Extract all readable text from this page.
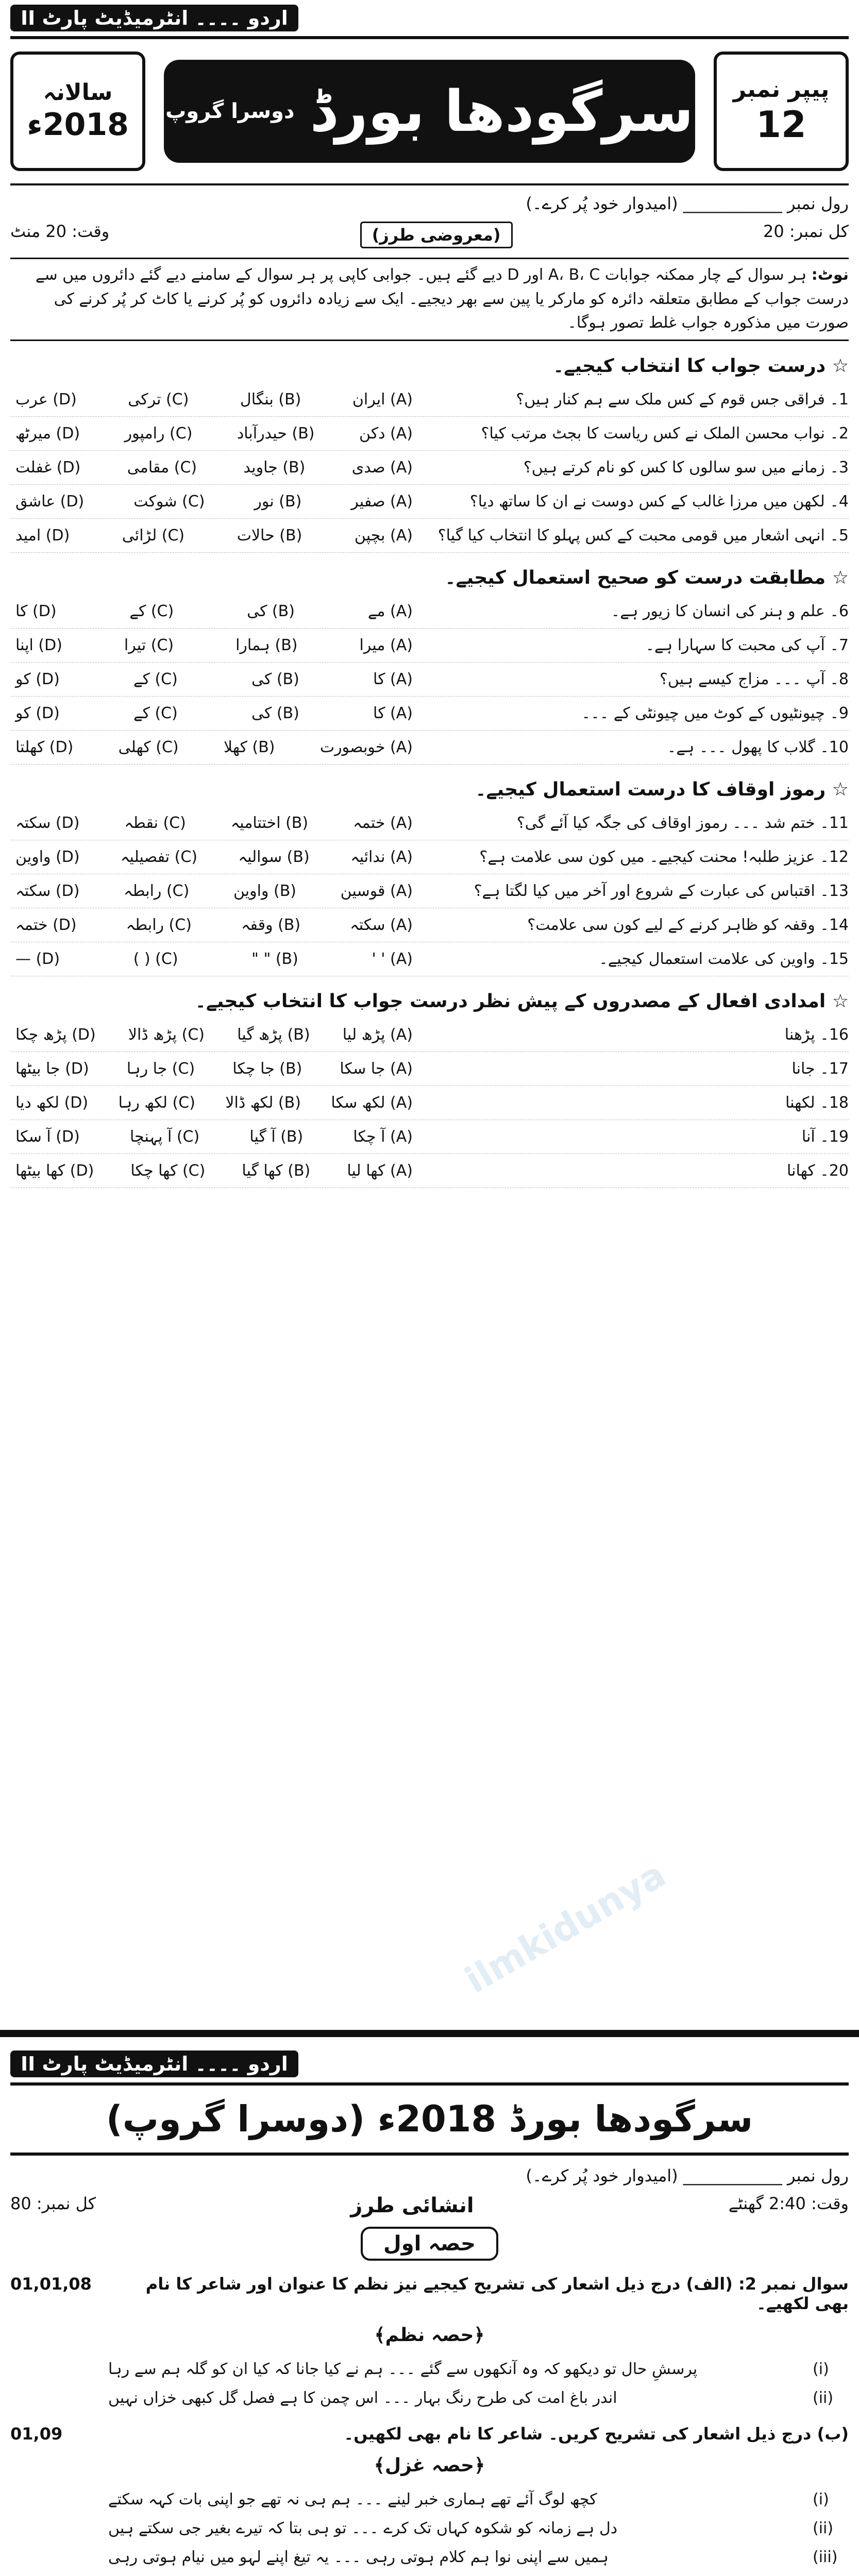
اردو ۔۔۔۔ انٹرمیڈیٹ پارٹ II
پیپر نمبر
12
سرگودھا بورڈ
دوسرا گروپ
سالانہ
2018ء
رول نمبر ____________ (امیدوار خود پُر کرے۔)
کل نمبر: 20
(معروضی طرز)
وقت: 20 منٹ
نوٹ: ہر سوال کے چار ممکنہ جوابات A، B، C اور D دیے گئے ہیں۔ جوابی کاپی پر ہر سوال کے سامنے دیے گئے دائروں میں سے درست جواب کے مطابق متعلقہ دائرہ کو مارکر یا پین سے بھر دیجیے۔ ایک سے زیادہ دائروں کو پُر کرنے یا کاٹ کر پُر کرنے کی صورت میں مذکورہ جواب غلط تصور ہوگا۔
☆ درست جواب کا انتخاب کیجیے۔
1۔ فراقی جس قوم کے کس ملک سے ہم کنار ہیں؟
(A) ایران
(B) بنگال
(C) ترکی
(D) عرب
2۔ نواب محسن الملک نے کس ریاست کا بجٹ مرتب کیا؟
(A) دکن
(B) حیدرآباد
(C) رامپور
(D) میرٹھ
3۔ زمانے میں سو سالوں کا کس کو نام کرتے ہیں؟
(A) صدی
(B) جاوید
(C) مقامی
(D) غفلت
4۔ لکھن میں مرزا غالب کے کس دوست نے ان کا ساتھ دیا؟
(A) صفیر
(B) نور
(C) شوکت
(D) عاشق
5۔ انہی اشعار میں قومی محبت کے کس پہلو کا انتخاب کیا گیا؟
(A) بچپن
(B) حالات
(C) لڑائی
(D) امید
☆ مطابقت درست کو صحیح استعمال کیجیے۔
6۔ علم و ہنر کی انسان کا زیور ہے۔
(A) مے
(B) کی
(C) کے
(D) کا
7۔ آپ کی محبت کا سہارا ہے۔
(A) میرا
(B) ہمارا
(C) تیرا
(D) اپنا
8۔ آپ ۔۔۔ مزاج کیسے ہیں؟
(A) کا
(B) کی
(C) کے
(D) کو
9۔ چیونٹیوں کے کوٹ میں چیونٹی کے ۔۔۔
(A) کا
(B) کی
(C) کے
(D) کو
10۔ گلاب کا پھول ۔۔۔ ہے۔
(A) خوبصورت
(B) کھلا
(C) کھلی
(D) کھلتا
☆ رموز اوقاف کا درست استعمال کیجیے۔
11۔ ختم شد ۔۔۔ رموز اوقاف کی جگہ کیا آئے گی؟
(A) ختمہ
(B) اختتامیہ
(C) نقطہ
(D) سکتہ
12۔ عزیز طلبہ! محنت کیجیے۔ میں کون سی علامت ہے؟
(A) ندائیہ
(B) سوالیہ
(C) تفصیلیہ
(D) واوین
13۔ اقتباس کی عبارت کے شروع اور آخر میں کیا لگتا ہے؟
(A) قوسین
(B) واوین
(C) رابطہ
(D) سکتہ
14۔ وقفہ کو ظاہر کرنے کے لیے کون سی علامت؟
(A) سکتہ
(B) وقفہ
(C) رابطہ
(D) ختمہ
15۔ واوین کی علامت استعمال کیجیے۔
(A) ' '
(B) " "
(C) ( )
(D) —
☆ امدادی افعال کے مصدروں کے پیش نظر درست جواب کا انتخاب کیجیے۔
16۔ پڑھنا
(A) پڑھ لیا
(B) پڑھ گیا
(C) پڑھ ڈالا
(D) پڑھ چکا
17۔ جانا
(A) جا سکا
(B) جا چکا
(C) جا رہا
(D) جا بیٹھا
18۔ لکھنا
(A) لکھ سکا
(B) لکھ ڈالا
(C) لکھ رہا
(D) لکھ دیا
19۔ آنا
(A) آ چکا
(B) آ گیا
(C) آ پہنچا
(D) آ سکا
20۔ کھانا
(A) کھا لیا
(B) کھا گیا
(C) کھا چکا
(D) کھا بیٹھا
ilmkidunya
اردو ۔۔۔۔ انٹرمیڈیٹ پارٹ II
سرگودھا بورڈ 2018ء (دوسرا گروپ)
رول نمبر ____________ (امیدوار خود پُر کرے۔)
وقت: 2:40 گھنٹے
انشائی طرز
کل نمبر: 80
حصہ اول
سوال نمبر 2: (الف) درج ذیل اشعار کی تشریح کیجیے نیز نظم کا عنوان اور شاعر کا نام بھی لکھیے۔
01,01,08
﴿حصہ نظم﴾
(i)
پرسشِ حال تو دیکھو کہ وہ آنکھوں سے گئے ۔۔۔ ہم نے کیا جانا کہ کیا ان کو گلہ ہم سے رہا
(ii)
اندر باغ امت کی طرح رنگ بہار ۔۔۔ اس چمن کا ہے فصل گل کبھی خزاں نہیں
(ب) درج ذیل اشعار کی تشریح کریں۔ شاعر کا نام بھی لکھیں۔
01,09
﴿حصہ غزل﴾
(i)
کچھ لوگ آئے تھے ہماری خبر لینے ۔۔۔ ہم ہی نہ تھے جو اپنی بات کہہ سکتے
(ii)
دل ہے زمانہ کو شکوہ کہاں تک کرے ۔۔۔ تو ہی بتا کہ تیرے بغیر جی سکتے ہیں
(iii)
ہمیں سے اپنی نوا ہم کلام ہوتی رہی ۔۔۔ یہ تیغ اپنے لہو میں نیام ہوتی رہی
